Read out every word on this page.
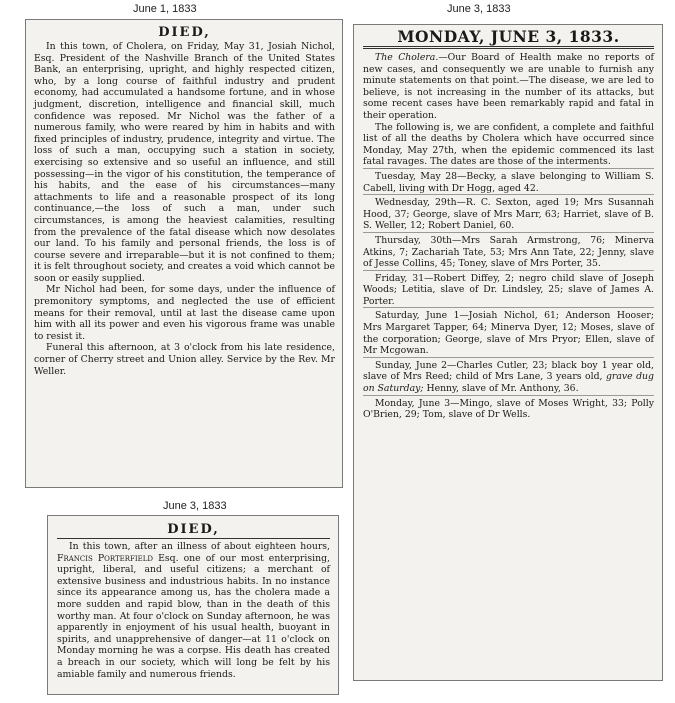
June 1, 1833	June 3, 1833
June 3, 1833
DIED,

In this town, of Cholera, on Friday, May 31, Josiah Nichol, Esq. President of the Nashville Branch of the United States Bank, an enterprising, upright, and highly respected citizen, who, by a long course of faithful industry and prudent economy, had accumulated a handsome fortune, and in whose judgment, discretion, intelligence and financial skill, much confidence was reposed. Mr Nichol was the father of a numerous family, who were reared by him in habits and with fixed principles of industry, prudence, integrity and virtue. The loss of such a man, occupying such a station in society, exercising so extensive and so useful an influence, and still possessing—in the vigor of his constitution, the temperance of his habits, and the ease of his circumstances—many attachments to life and a reasonable prospect of its long continuance,—the loss of such a man, under such circumstances, is among the heaviest calamities, resulting from the prevalence of the fatal disease which now desolates our land. To his family and personal friends, the loss is of course severe and irreparable—but it is not confined to them; it is felt throughout society, and creates a void which cannot be soon or easily supplied.

Mr Nichol had been, for some days, under the influence of premonitory symptoms, and neglected the use of efficient means for their removal, until at last the disease came upon him with all its power and even his vigorous frame was unable to resist it.

Funeral this afternoon, at 3 o'clock from his late residence, corner of Cherry street and Union alley. Service by the Rev. Mr Weller.

DIED,

In this town, after an illness of about eighteen hours, Francis Porterfield Esq. one of our most enterprising, upright, liberal, and useful citizens; a merchant of extensive business and industrious habits. In no instance since its appearance among us, has the cholera made a more sudden and rapid blow, than in the death of this worthy man. At four o'clock on Sunday afternoon, he was apparently in enjoyment of his usual health, buoyant in spirits, and unapprehensive of danger—at 11 o'clock on Monday morning he was a corpse. His death has created a breach in our society, which will long be felt by his amiable family and numerous friends.

MONDAY, JUNE 3, 1833.

The Cholera.—Our Board of Health make no reports of new cases, and consequently we are unable to furnish any minute statements on that point.—The disease, we are led to believe, is not increasing in the number of its attacks, but some recent cases have been remarkably rapid and fatal in their operation.

The following is, we are confident, a complete and faithful list of all the deaths by Cholera which have occurred since Monday, May 27th, when the epidemic commenced its last fatal ravages. The dates are those of the interments.

Tuesday, May 28—Becky, a slave belonging to William S. Cabell, living with Dr Hogg, aged 42.

Wednesday, 29th—R. C. Sexton, aged 19; Mrs Susannah Hood, 37; George, slave of Mrs Marr, 63; Harriet, slave of B. S. Weller, 12; Robert Daniel, 60.

Thursday, 30th—Mrs Sarah Armstrong, 76; Minerva Atkins, 7; Zachariah Tate, 53; Mrs Ann Tate, 22; Jenny, slave of Jesse Collins, 45; Toney, slave of Mrs Porter, 35.

Friday, 31—Robert Diffey, 2; negro child slave of Joseph Woods; Letitia, slave of Dr. Lindsley, 25; slave of James A. Porter.

Saturday, June 1—Josiah Nichol, 61; Anderson Hooser; Mrs Margaret Tapper, 64; Minerva Dyer, 12; Moses, slave of the corporation; George, slave of Mrs Pryor; Ellen, slave of Mr Mcgowan.

Sunday, June 2—Charles Cutler, 23; black boy 1 year old, slave of Mrs Reed; child of Mrs Lane, 3 years old, grave dug on Saturday; Henny, slave of Mr. Anthony, 36.

Monday, June 3—Mingo, slave of Moses Wright, 33; Polly O'Brien, 29; Tom, slave of Dr Wells.
